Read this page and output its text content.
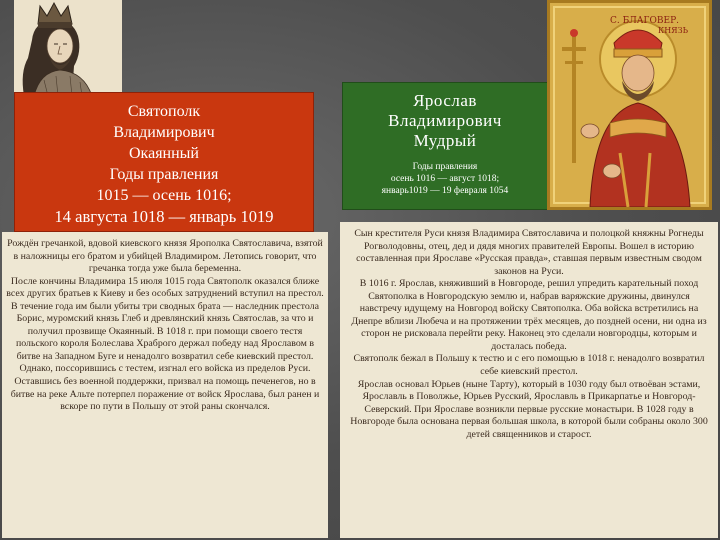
Святополк
Владимирович
Окаянный
Годы правления
1015 — осень 1016;
14 августа 1018 — январь 1019
Ярослав
Владимирович
Мудрый
Годы правления
осень 1016 — август 1018;
январь1019 — 19 февраля 1054
С. БЛАГОВЕР.
КНЯЗЬ

Рождён гречанкой, вдовой киевского князя Ярополка Святославича, взятой в наложницы его братом и убийцей Владимиром. Летопись говорит, что гречанка тогда уже была беременна.

После кончины Владимира 15 июля 1015 года Святополк оказался ближе всех других братьев к Киеву и без особых затруднений вступил на престол.

В течение года им были убиты три сводных брата — наследник престола Борис, муромский князь Глеб и древлянский князь Святослав, за что и получил прозвище Окаянный. В 1018 г. при помощи своего тестя польского короля Болеслава Храброго держал победу над Ярославом в битве на Западном Буге и ненадолго возвратил себе киевский престол.

Однако, поссорившись с тестем, изгнал его войска из пределов Руси.

Оставшись без военной поддержки, призвал на помощь печенегов, но в битве на реке Альте потерпел поражение от войск Ярослава, был ранен и вскоре по пути в Польшу от этой раны скончался.

Сын крестителя Руси князя Владимира Святославича и полоцкой княжны Рогнеды Рогволодовны, отец, дед и дядя многих правителей Европы. Вошел в историю составленная при Ярославе «Русская правда», ставшая первым известным сводом законов на Руси.

В 1016 г. Ярослав, княживший в Новгороде, решил упредить карательный поход Святополка в Новгородскую землю и, набрав варяжские дружины, двинулся навстречу идущему на Новгород войску Святополка. Оба войска встретились на Днепре вблизи Любеча и на протяжении трёх месяцев, до поздней осени, ни одна из сторон не рисковала перейти реку. Наконец это сделали новгородцы, которым и досталась победа.

Святополк бежал в Польшу к тестю и с его помощью в 1018 г. ненадолго возвратил себе киевский престол.

Ярослав основал Юрьев (ныне Тарту), который в 1030 году был отвоёван эстами, Ярославль в Поволжье, Юрьев Русский, Ярославль в Прикарпатье и Новгород-Северский. При Ярославе возникли первые русские монастыри. В 1028 году в Новгороде была основана первая большая школа, в которой были собраны около 300 детей священников и старост.
